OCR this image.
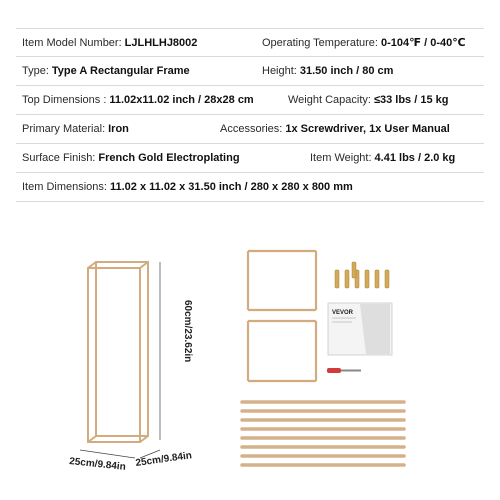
Item Model Number: LJLHLHJ8002	Operating Temperature: 0-104℉ / 0-40℃
Type: Type A Rectangular Frame	Height: 31.50 inch / 80 cm
Top Dimensions : 11.02x11.02 inch / 28x28 cm	Weight Capacity: ≤33 lbs / 15 kg
Primary Material: Iron	Accessories: 1x Screwdriver, 1x User Manual
Surface Finish: French Gold Electroplating	Item Weight: 4.41 lbs / 2.0 kg
Item Dimensions: 11.02 x 11.02 x 31.50 inch / 280 x 280 x 800 mm
60cm/23.62in
25cm/9.84in 25cm/9.84in
VEVOR
